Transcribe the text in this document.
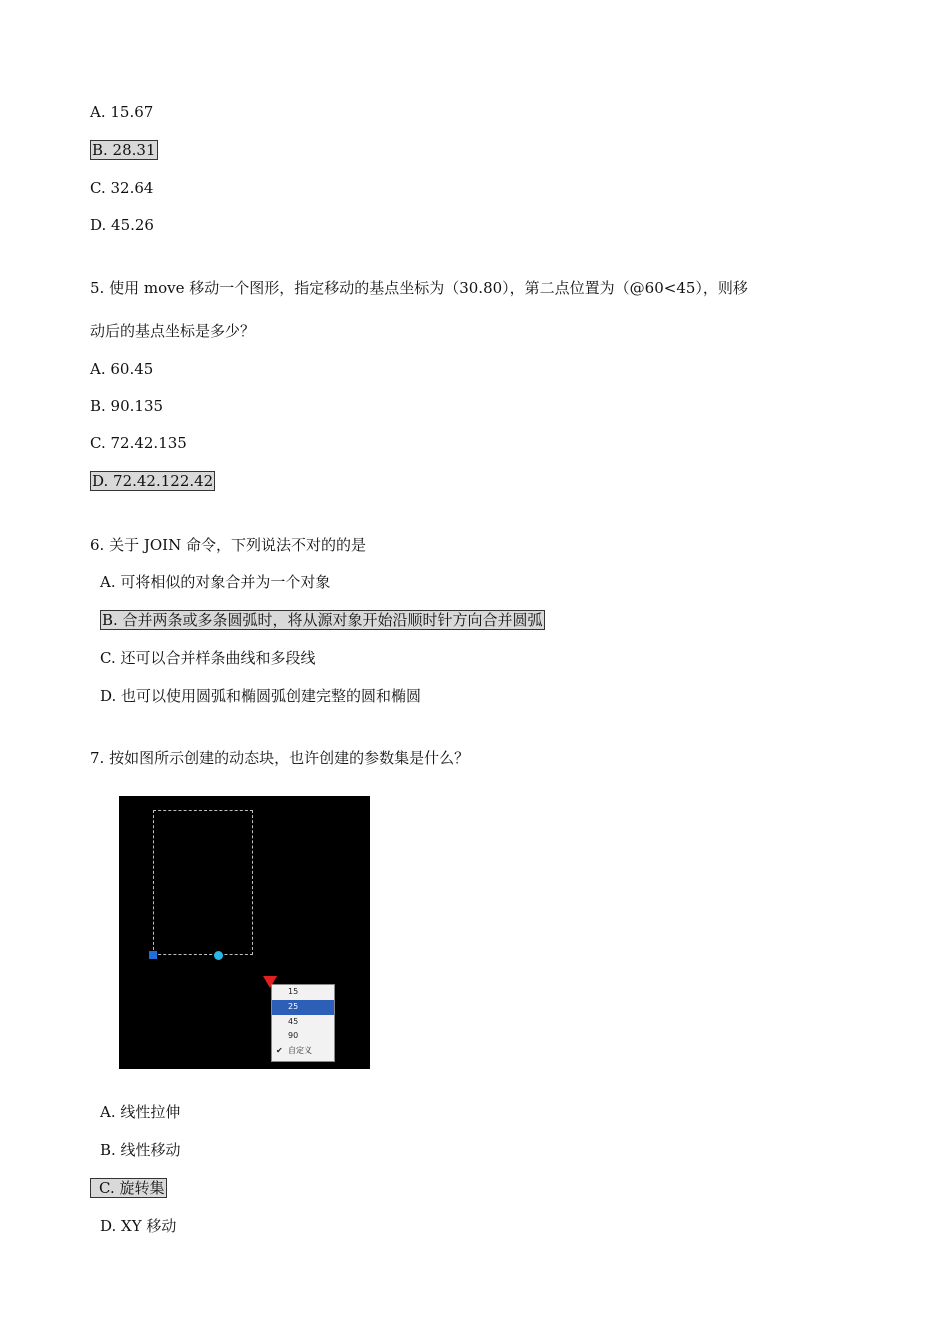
A. 15.67
B. 28.31
C. 32.64
D. 45.26
5. 使用 move 移动一个图形，指定移动的基点坐标为（30.80），第二点位置为（@60<45），则移
动后的基点坐标是多少？
A. 60.45
B. 90.135
C. 72.42.135
D. 72.42.122.42
6. 关于 JOIN 命令，下列说法不对的的是
A. 可将相似的对象合并为一个对象
B. 合并两条或多条圆弧时，将从源对象开始沿顺时针方向合并圆弧
C. 还可以合并样条曲线和多段线
D. 也可以使用圆弧和椭圆弧创建完整的圆和椭圆
7. 按如图所示创建的动态块，也许创建的参数集是什么？
15
25
45
90
✔ 自定义
A. 线性拉伸
B. 线性移动
C. 旋转集
D. XY 移动
